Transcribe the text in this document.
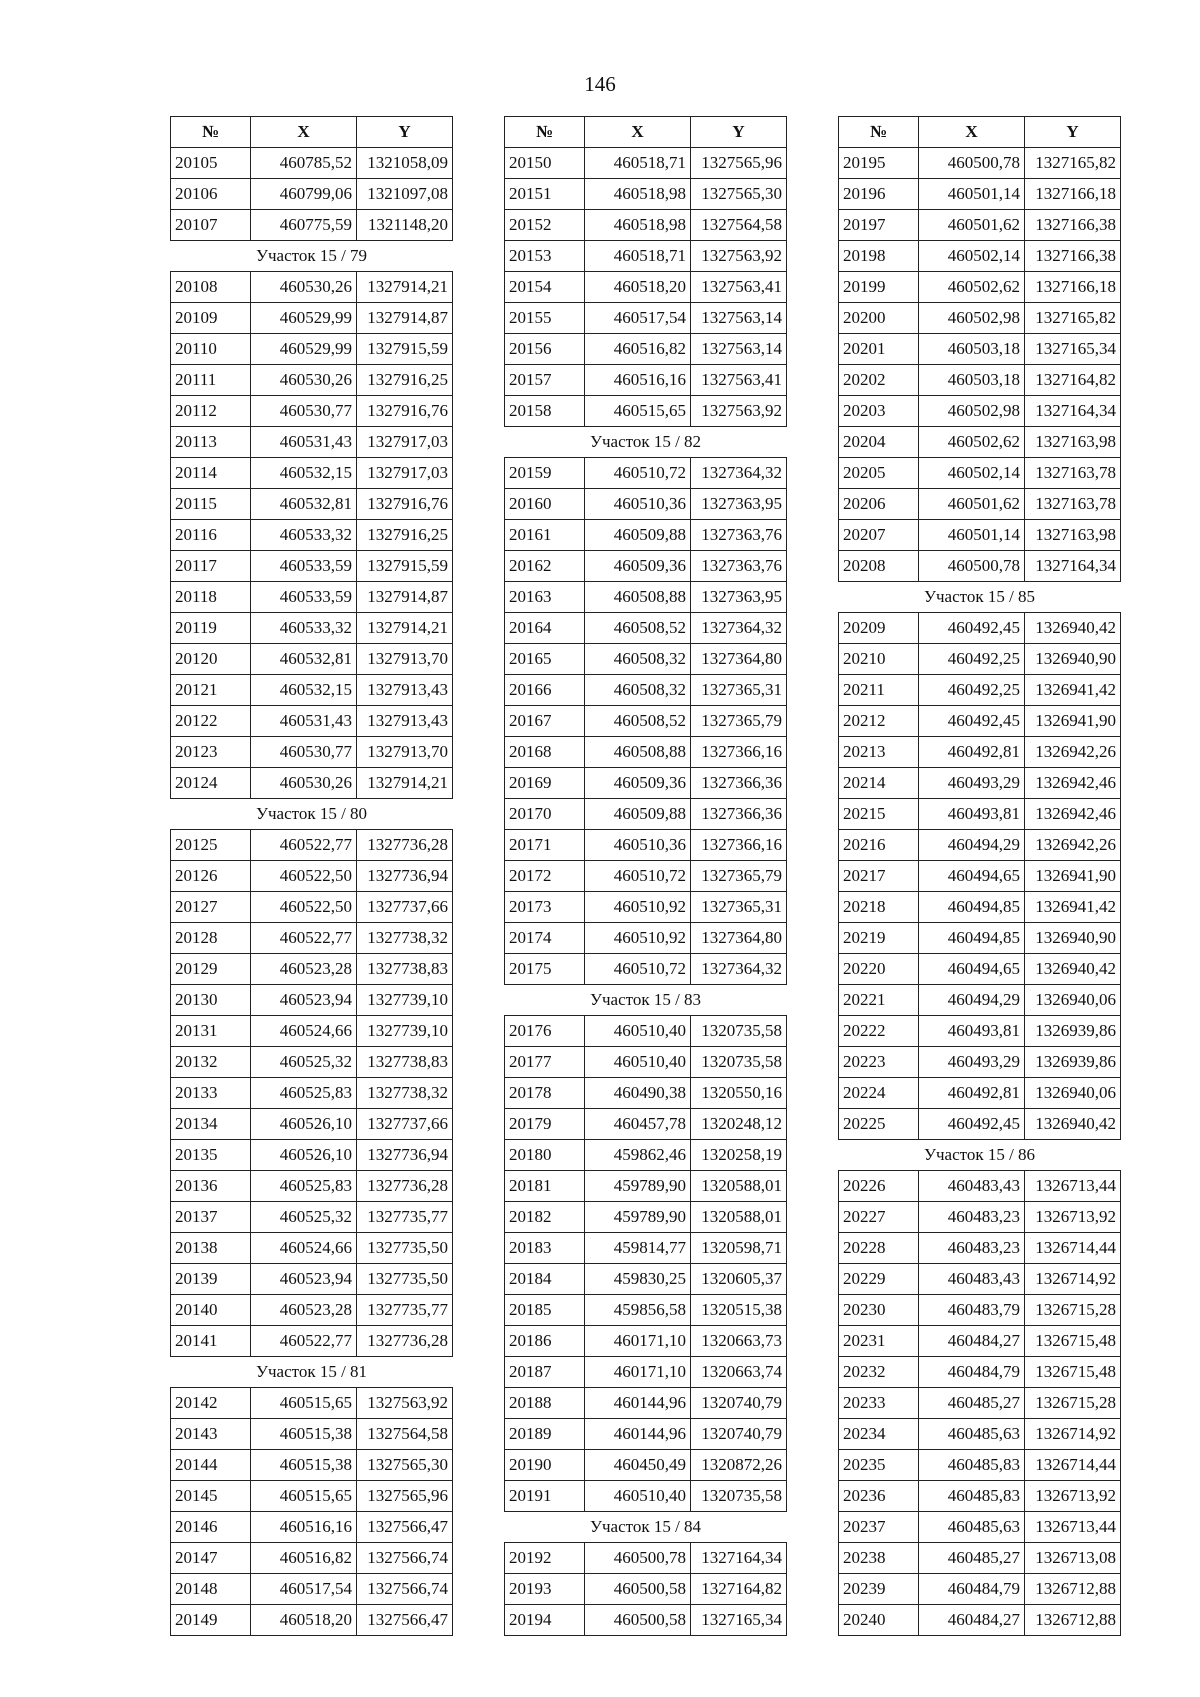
146
№	X	Y
20105	460785,52	1321058,09
20106	460799,06	1321097,08
20107	460775,59	1321148,20
Участок 15 / 79		
20108	460530,26	1327914,21
20109	460529,99	1327914,87
20110	460529,99	1327915,59
20111	460530,26	1327916,25
20112	460530,77	1327916,76
20113	460531,43	1327917,03
20114	460532,15	1327917,03
20115	460532,81	1327916,76
20116	460533,32	1327916,25
20117	460533,59	1327915,59
20118	460533,59	1327914,87
20119	460533,32	1327914,21
20120	460532,81	1327913,70
20121	460532,15	1327913,43
20122	460531,43	1327913,43
20123	460530,77	1327913,70
20124	460530,26	1327914,21
Участок 15 / 80		
20125	460522,77	1327736,28
20126	460522,50	1327736,94
20127	460522,50	1327737,66
20128	460522,77	1327738,32
20129	460523,28	1327738,83
20130	460523,94	1327739,10
20131	460524,66	1327739,10
20132	460525,32	1327738,83
20133	460525,83	1327738,32
20134	460526,10	1327737,66
20135	460526,10	1327736,94
20136	460525,83	1327736,28
20137	460525,32	1327735,77
20138	460524,66	1327735,50
20139	460523,94	1327735,50
20140	460523,28	1327735,77
20141	460522,77	1327736,28
Участок 15 / 81		
20142	460515,65	1327563,92
20143	460515,38	1327564,58
20144	460515,38	1327565,30
20145	460515,65	1327565,96
20146	460516,16	1327566,47
20147	460516,82	1327566,74
20148	460517,54	1327566,74
20149	460518,20	1327566,47
№	X	Y
20150	460518,71	1327565,96
20151	460518,98	1327565,30
20152	460518,98	1327564,58
20153	460518,71	1327563,92
20154	460518,20	1327563,41
20155	460517,54	1327563,14
20156	460516,82	1327563,14
20157	460516,16	1327563,41
20158	460515,65	1327563,92
Участок 15 / 82		
20159	460510,72	1327364,32
20160	460510,36	1327363,95
20161	460509,88	1327363,76
20162	460509,36	1327363,76
20163	460508,88	1327363,95
20164	460508,52	1327364,32
20165	460508,32	1327364,80
20166	460508,32	1327365,31
20167	460508,52	1327365,79
20168	460508,88	1327366,16
20169	460509,36	1327366,36
20170	460509,88	1327366,36
20171	460510,36	1327366,16
20172	460510,72	1327365,79
20173	460510,92	1327365,31
20174	460510,92	1327364,80
20175	460510,72	1327364,32
Участок 15 / 83		
20176	460510,40	1320735,58
20177	460510,40	1320735,58
20178	460490,38	1320550,16
20179	460457,78	1320248,12
20180	459862,46	1320258,19
20181	459789,90	1320588,01
20182	459789,90	1320588,01
20183	459814,77	1320598,71
20184	459830,25	1320605,37
20185	459856,58	1320515,38
20186	460171,10	1320663,73
20187	460171,10	1320663,74
20188	460144,96	1320740,79
20189	460144,96	1320740,79
20190	460450,49	1320872,26
20191	460510,40	1320735,58
Участок 15 / 84		
20192	460500,78	1327164,34
20193	460500,58	1327164,82
20194	460500,58	1327165,34
№	X	Y
20195	460500,78	1327165,82
20196	460501,14	1327166,18
20197	460501,62	1327166,38
20198	460502,14	1327166,38
20199	460502,62	1327166,18
20200	460502,98	1327165,82
20201	460503,18	1327165,34
20202	460503,18	1327164,82
20203	460502,98	1327164,34
20204	460502,62	1327163,98
20205	460502,14	1327163,78
20206	460501,62	1327163,78
20207	460501,14	1327163,98
20208	460500,78	1327164,34
Участок 15 / 85		
20209	460492,45	1326940,42
20210	460492,25	1326940,90
20211	460492,25	1326941,42
20212	460492,45	1326941,90
20213	460492,81	1326942,26
20214	460493,29	1326942,46
20215	460493,81	1326942,46
20216	460494,29	1326942,26
20217	460494,65	1326941,90
20218	460494,85	1326941,42
20219	460494,85	1326940,90
20220	460494,65	1326940,42
20221	460494,29	1326940,06
20222	460493,81	1326939,86
20223	460493,29	1326939,86
20224	460492,81	1326940,06
20225	460492,45	1326940,42
Участок 15 / 86		
20226	460483,43	1326713,44
20227	460483,23	1326713,92
20228	460483,23	1326714,44
20229	460483,43	1326714,92
20230	460483,79	1326715,28
20231	460484,27	1326715,48
20232	460484,79	1326715,48
20233	460485,27	1326715,28
20234	460485,63	1326714,92
20235	460485,83	1326714,44
20236	460485,83	1326713,92
20237	460485,63	1326713,44
20238	460485,27	1326713,08
20239	460484,79	1326712,88
20240	460484,27	1326712,88
